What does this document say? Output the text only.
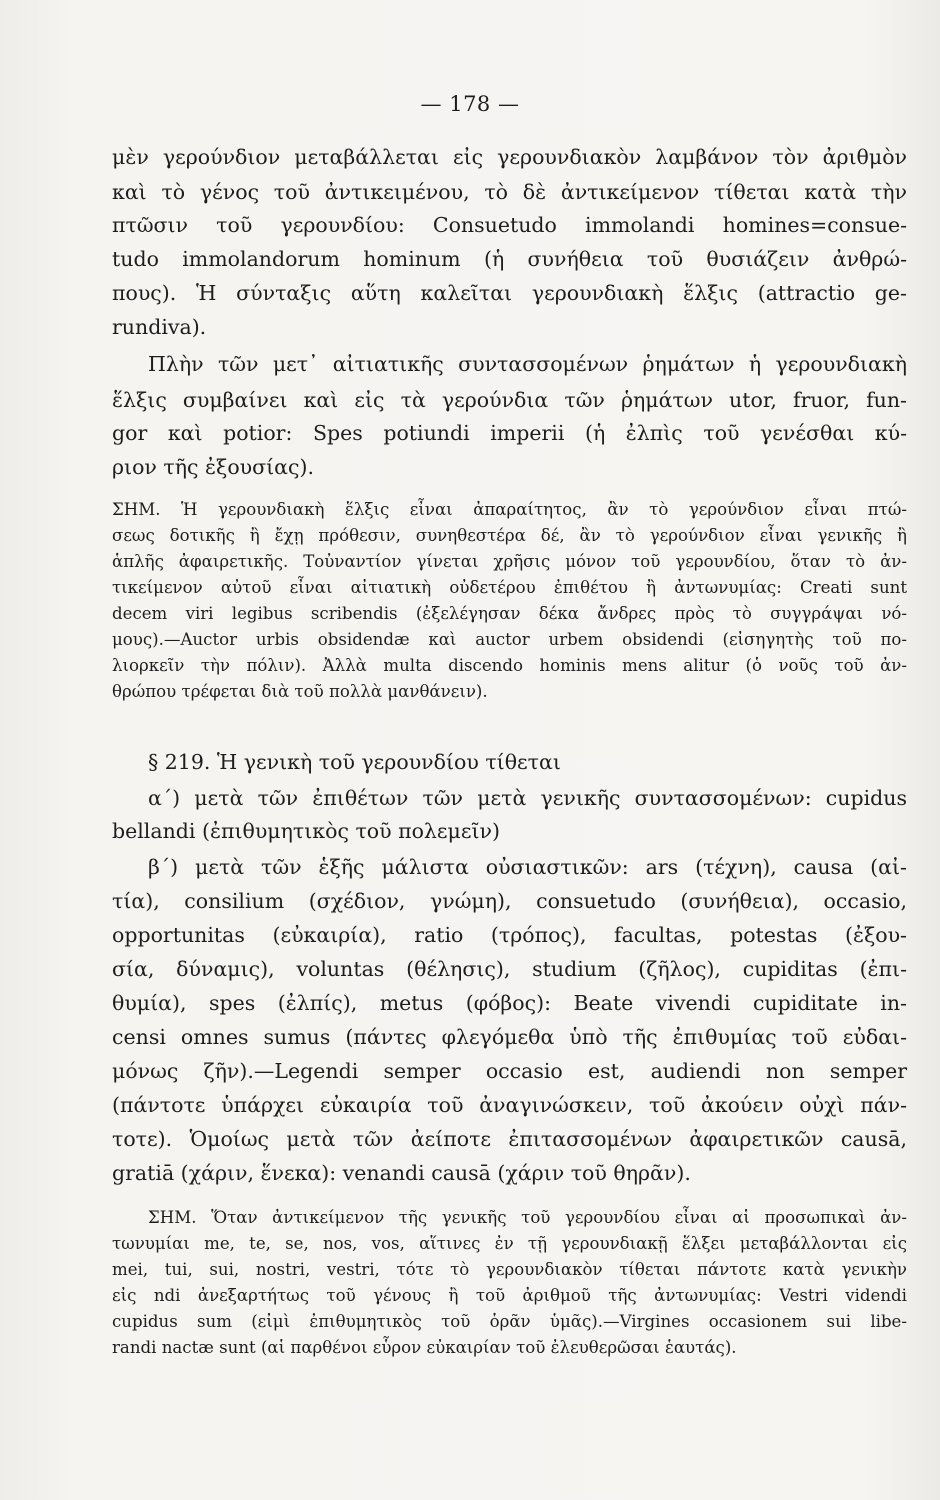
— 178 —
μὲν γερούνδιον μεταβάλλεται εἰς γερουνδιακὸν λαμβάνον τὸν ἀριθμὸν
καὶ τὸ γένος τοῦ ἀντικειμένου, τὸ δὲ ἀντικείμενον τίθεται κατὰ τὴν
πτῶσιν τοῦ γερουνδίου: Consuetudo immolandi homines=consue-
tudo immolandorum hominum (ἡ συνήθεια τοῦ θυσιάζειν ἀνθρώ-
πους). Ἡ σύνταξις αὕτη καλεῖται γερουνδιακὴ ἕλξις (attractio ge-
rundiva).
Πλὴν τῶν μετ᾽ αἰτιατικῆς συντασσομένων ῥημάτων ἡ γερουνδιακὴ
ἕλξις συμβαίνει καὶ εἰς τὰ γερούνδια τῶν ῥημάτων utor, fruor, fun-
gor καὶ potior: Spes potiundi imperii (ἡ ἐλπὶς τοῦ γενέσθαι κύ-
ριον τῆς ἐξουσίας).
ΣΗΜ. Ἡ γερουνδιακὴ ἕλξις εἶναι ἀπαραίτητος, ἂν τὸ γερούνδιον εἶναι πτώ-
σεως δοτικῆς ἢ ἔχῃ πρόθεσιν, συνηθεστέρα δέ, ἂν τὸ γερούνδιον εἶναι γενικῆς ἢ
ἁπλῆς ἀφαιρετικῆς. Τοὐναντίον γίνεται χρῆσις μόνον τοῦ γερουνδίου, ὅταν τὸ ἀν-
τικείμενον αὐτοῦ εἶναι αἰτιατικὴ οὐδετέρου ἐπιθέτου ἢ ἀντωνυμίας: Creati sunt
decem viri legibus scribendis (ἐξελέγησαν δέκα ἄνδρες πρὸς τὸ συγγράψαι νό-
μους).—Auctor urbis obsidendæ καὶ auctor urbem obsidendi (εἰσηγητὴς τοῦ πο-
λιορκεῖν τὴν πόλιν). Ἀλλὰ multa discendo hominis mens alitur (ὁ νοῦς τοῦ ἀν-
θρώπου τρέφεται διὰ τοῦ πολλὰ μανθάνειν).
§ 219. Ἡ γενικὴ τοῦ γερουνδίου τίθεται
α´) μετὰ τῶν ἐπιθέτων τῶν μετὰ γενικῆς συντασσομένων: cupidus
bellandi (ἐπιθυμητικὸς τοῦ πολεμεῖν)
β´) μετὰ τῶν ἑξῆς μάλιστα οὐσιαστικῶν: ars (τέχνη), causa (αἰ-
τία), consilium (σχέδιον, γνώμη), consuetudo (συνήθεια), occasio,
opportunitas (εὐκαιρία), ratio (τρόπος), facultas, potestas (ἐξου-
σία, δύναμις), voluntas (θέλησις), studium (ζῆλος), cupiditas (ἐπι-
θυμία), spes (ἐλπίς), metus (φόβος): Beate vivendi cupiditate in-
censi omnes sumus (πάντες φλεγόμεθα ὑπὸ τῆς ἐπιθυμίας τοῦ εὐδαι-
μόνως ζῆν).—Legendi semper occasio est, audiendi non semper
(πάντοτε ὑπάρχει εὐκαιρία τοῦ ἀναγινώσκειν, τοῦ ἀκούειν οὐχὶ πάν-
τοτε). Ὁμοίως μετὰ τῶν ἀείποτε ἐπιτασσομένων ἀφαιρετικῶν causā,
gratiā (χάριν, ἕνεκα): venandi causā (χάριν τοῦ θηρᾶν).
ΣΗΜ. Ὅταν ἀντικείμενον τῆς γενικῆς τοῦ γερουνδίου εἶναι αἱ προσωπικαὶ ἀν-
τωνυμίαι me, te, se, nos, vos, αἵτινες ἐν τῇ γερουνδιακῇ ἕλξει μεταβάλλονται εἰς
mei, tui, sui, nostri, vestri, τότε τὸ γερουνδιακὸν τίθεται πάντοτε κατὰ γενικὴν
εἰς ndi ἀνεξαρτήτως τοῦ γένους ἢ τοῦ ἀριθμοῦ τῆς ἀντωνυμίας: Vestri videndi
cupidus sum (εἰμὶ ἐπιθυμητικὸς τοῦ ὁρᾶν ὑμᾶς).—Virgines occasionem sui libe-
randi nactæ sunt (αἱ παρθένοι εὗρον εὐκαιρίαν τοῦ ἐλευθερῶσαι ἑαυτάς).
